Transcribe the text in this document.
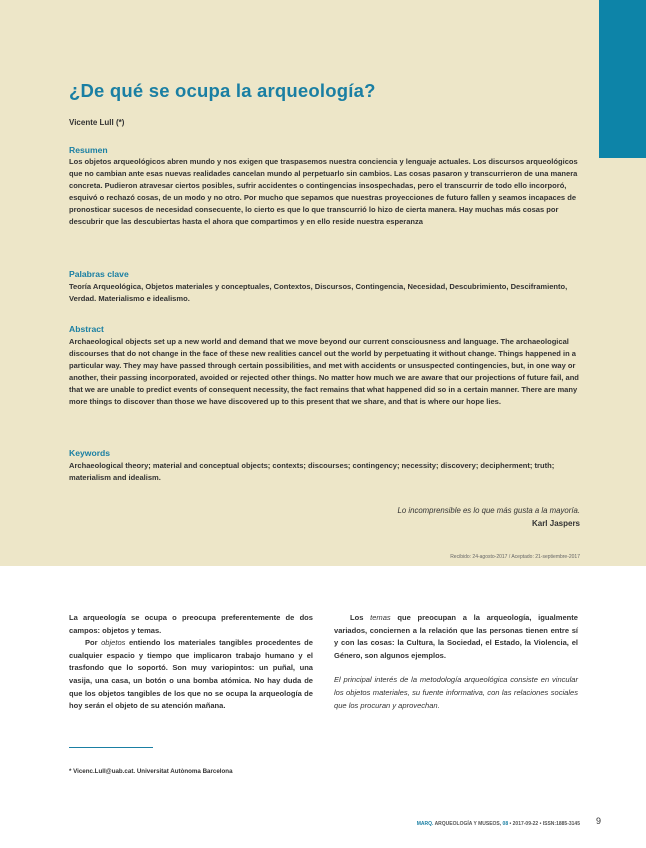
¿De qué se ocupa la arqueología?
Vicente Lull (*)
Resumen

Los objetos arqueológicos abren mundo y nos exigen que traspasemos nuestra conciencia y lenguaje actuales. Los discursos arqueológicos que no cambian ante esas nuevas realidades cancelan mundo al perpetuarlo sin cambios. Las cosas pasaron y transcurrieron de una manera concreta. Pudieron atravesar ciertos posibles, sufrir accidentes o contingencias insospechadas, pero el transcurrir de todo ello incorporó, esquivó o rechazó cosas, de un modo y no otro. Por mucho que sepamos que nuestras proyecciones de futuro fallen y seamos incapaces de pronosticar sucesos de necesidad consecuente, lo cierto es que lo que transcurrió lo hizo de cierta manera. Hay muchas más cosas por descubrir que las descubiertas hasta el ahora que compartimos y en ello reside nuestra esperanza

Palabras clave

Teoría Arqueológica, Objetos materiales y conceptuales, Contextos, Discursos, Contingencia, Necesidad, Descubrimiento, Desciframiento, Verdad. Materialismo e idealismo.

Abstract

Archaeological objects set up a new world and demand that we move beyond our current consciousness and language. The archaeological discourses that do not change in the face of these new realities cancel out the world by perpetuating it without change. Things happened in a particular way. They may have passed through certain possibilities, and met with accidents or unsuspected contingencies, but, in one way or another, their passing incorporated, avoided or rejected other things. No matter how much we are aware that our projections of future fail, and that we are unable to predict events of consequent necessity, the fact remains that what happened did so in a certain manner. There are many more things to discover than those we have discovered up to this present that we share, and that is where our hope lies.

Keywords

Archaeological theory; material and conceptual objects; contexts; discourses; contingency; necessity; discovery; decipherment; truth; materialism and idealism.

Lo incomprensible es lo que más gusta a la mayoría.
Karl Jaspers
Recibido: 24-agosto-2017 / Aceptado: 21-septiembre-2017

La arqueología se ocupa o preocupa preferentemente de dos campos: objetos y temas.

Por objetos entiendo los materiales tangibles procedentes de cualquier espacio y tiempo que implicaron trabajo humano y el trasfondo que lo soportó. Son muy variopintos: un puñal, una vasija, una casa, un botón o una bomba atómica. No hay duda de que los objetos tangibles de los que no se ocupa la arqueología de hoy serán el objeto de su atención mañana.

Los temas que preocupan a la arqueología, igualmente variados, conciernen a la relación que las personas tienen entre sí y con las cosas: la Cultura, la Sociedad, el Estado, la Violencia, el Género, son algunos ejemplos.

El principal interés de la metodología arqueológica consiste en vincular los objetos materiales, su fuente informativa, con las relaciones sociales que los procuran y aprovechan.

* Vicenc.Lull@uab.cat. Universitat Autònoma Barcelona
MARQ. ARQUEOLOGÍA Y MUSEOS, 08 • 2017-09-22 • ISSN:1885-3145 9
